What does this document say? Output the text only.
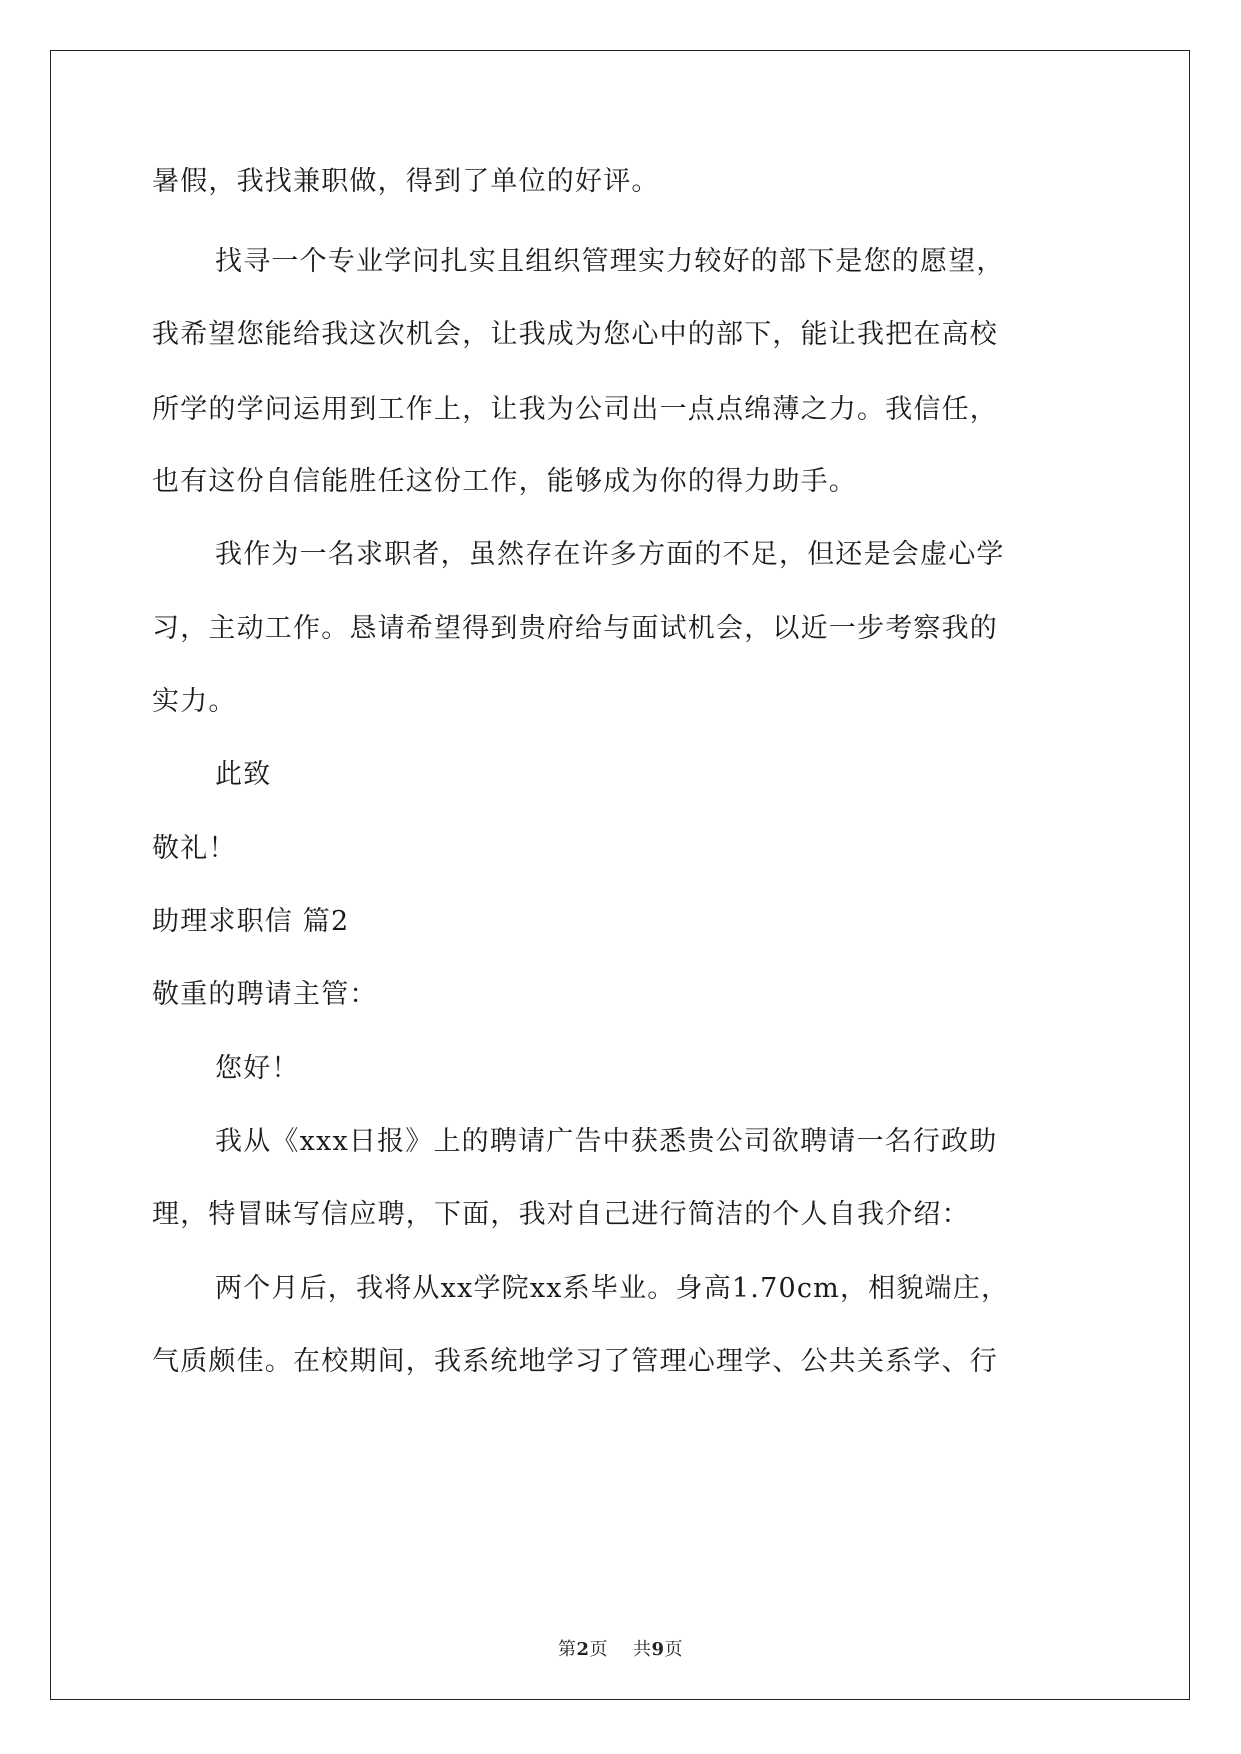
暑假，我找兼职做，得到了单位的好评。
找寻一个专业学问扎实且组织管理实力较好的部下是您的愿望，
我希望您能给我这次机会，让我成为您心中的部下，能让我把在高校
所学的学问运用到工作上，让我为公司出一点点绵薄之力。我信任，
也有这份自信能胜任这份工作，能够成为你的得力助手。
我作为一名求职者，虽然存在许多方面的不足，但还是会虚心学
习，主动工作。恳请希望得到贵府给与面试机会，以近一步考察我的
实力。
此致
敬礼！
助理求职信 篇2
敬重的聘请主管：
您好！
我从《xxx日报》上的聘请广告中获悉贵公司欲聘请一名行政助
理，特冒昧写信应聘，下面，我对自己进行简洁的个人自我介绍：
两个月后，我将从xx学院xx系毕业。身高1.70cm，相貌端庄，
气质颇佳。在校期间，我系统地学习了管理心理学、公共关系学、行
第2页 共9页
